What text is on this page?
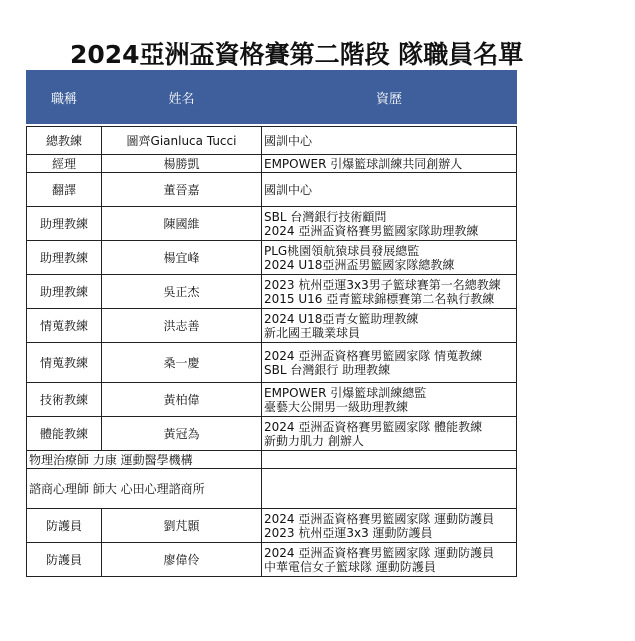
2024亞洲盃資格賽第二階段 隊職員名單
職稱	姓名	資歷

總教練	圖齊Gianluca Tucci	國訓中心

經理	楊勝凱	EMPOWER 引爆籃球訓練共同創辦人

翻譯	董晉嘉	國訓中心

助理教練	陳國維	SBL 台灣銀行技術顧問
2024 亞洲盃資格賽男籃國家隊助理教練

助理教練	楊宜峰	PLG桃園領航猿球員發展總監
2024 U18亞洲盃男籃國家隊總教練

助理教練	吳正杰	2023 杭州亞運3x3男子籃球賽第一名總教練
2015 U16 亞青籃球錦標賽第二名執行教練

情蒐教練	洪志善	2024 U18亞青女籃助理教練
新北國王職業球員

情蒐教練	桑一慶	2024 亞洲盃資格賽男籃國家隊 情蒐教練
SBL 台灣銀行 助理教練

技術教練	黃柏偉	EMPOWER 引爆籃球訓練總監
臺藝大公開男一級助理教練

體能教練	黃冠為	2024 亞洲盃資格賽男籃國家隊 體能教練
新動力肌力 創辦人

物理治療師 力康 運動醫學機構		
諮商心理師 師大 心田心理諮商所		
防護員	劉芃顥	2024 亞洲盃資格賽男籃國家隊 運動防護員
2023 杭州亞運3x3 運動防護員

防護員	廖偉伶	2024 亞洲盃資格賽男籃國家隊 運動防護員
中華電信女子籃球隊 運動防護員
